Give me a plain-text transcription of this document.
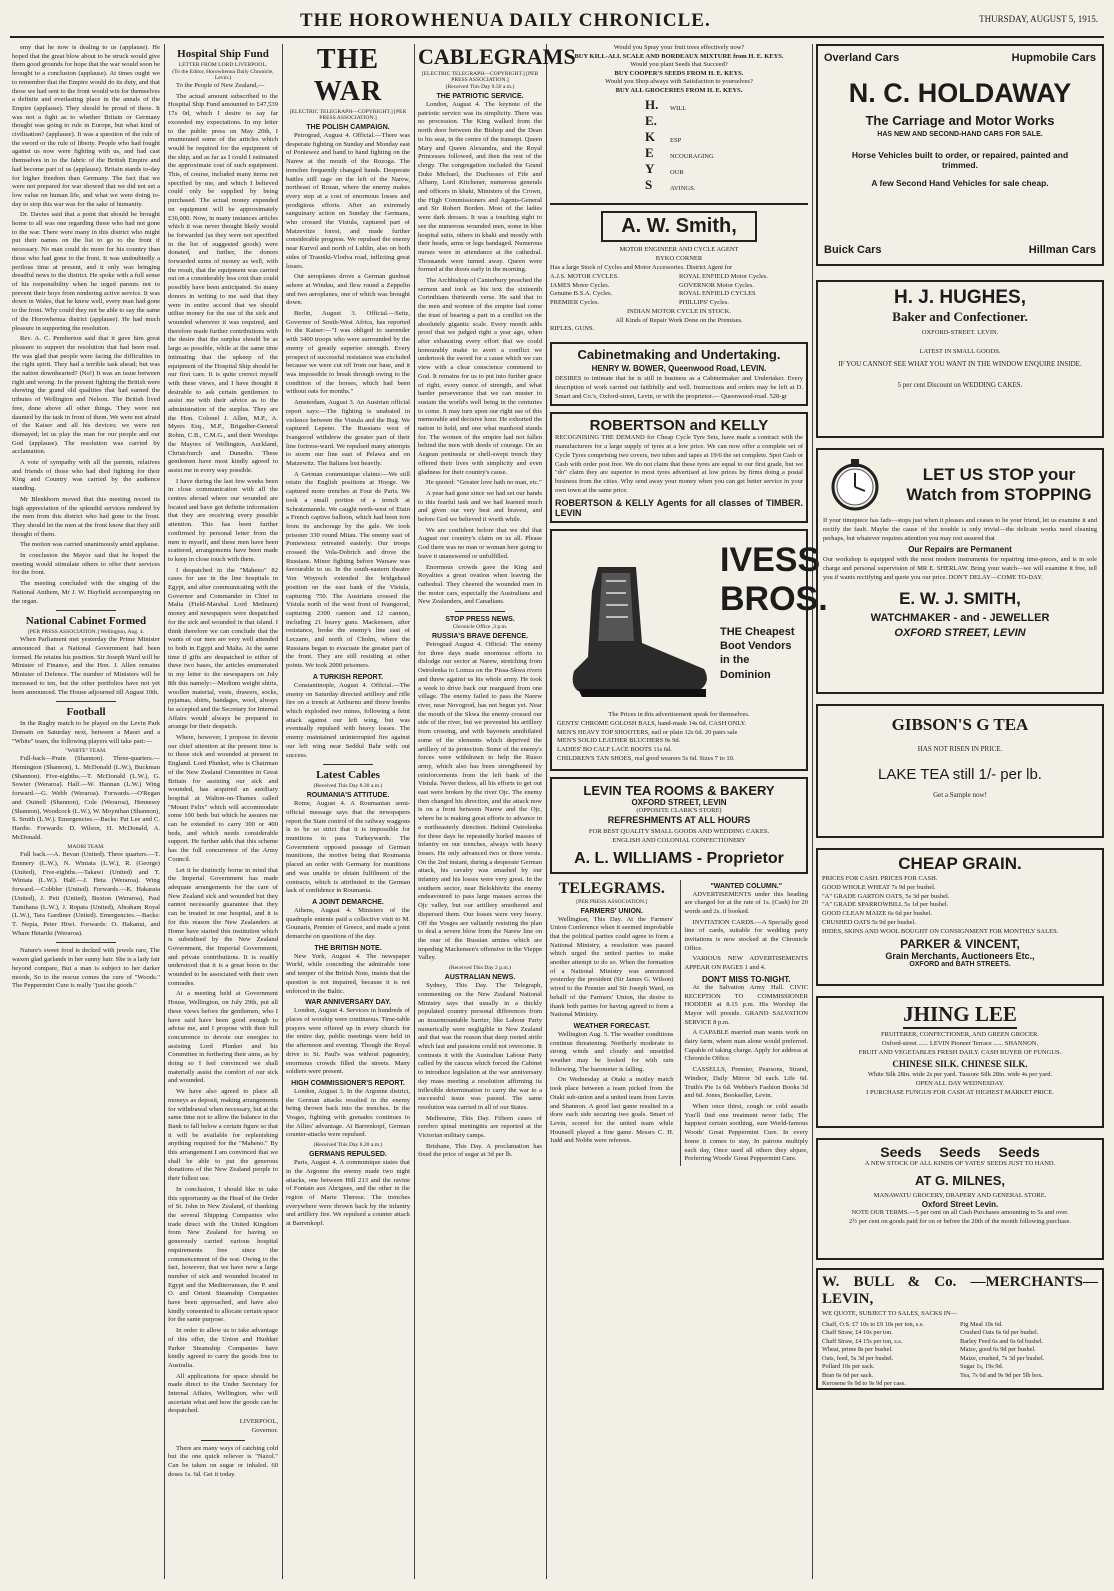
THE HOROWHENUA DAILY CHRONICLE.	THURSDAY, AUGUST 5, 1915.

emy that he now is dealing to us (applause). He hoped that the great blow about to be struck would give them good grounds for hope that the war would soon be brought to a conclusion (applause). At times ought we to remember that the Empire would do its duty, and that those we had sent to the front would win for themselves a definite and everlasting place in the annals of the Empire (applause). They should be proud of these. It was not a fight as to whether Britain or Germany thought was going to rule in Europe, but what kind of civilisation? (applause). It was a question of the rule of the sword or the rule of liberty. People who had fought against us now were fighting with us, and had cast themselves in to the fabric of the British Empire and had become part of us (applause). Britain stands to-day for higher freedom than Germany. The fact that we were not prepared for war showed that we did not set a low value on human life, and what we were doing to-day to stop this war was for the sake of humanity.

Dr. Davies said that a point that should be brought home to all was one regarding those who had not gone to the war. There were many in this district who might put their names on the list to go to the front if necessary. No man could do more for his country than those who had gone to the front. It was undoubtedly a perilous time at present, and it only was bringing dreadful news to the district. He spoke with a full sense of his responsibility when he urged parents not to prevent their boys from rendering active service. It was down in Wales, that he knew well, every man had gone to the front. Why could they not be able to say the same of the Horowhenua district (applause). He had much pleasure in supporting the resolution.

Rev. A. C. Pemberton said that it gave him great pleasure to support the resolution that had been read. He was glad that people were facing the difficulties in the right spirit. They had a terrible task ahead; but was the nation downhearted? (No!) It was an issue between right and wrong. In the present fighting the British were showing the grand old qualities that had earned the tributes of Wellington and Nelson. The British lived free, done above all other things. They were not daunted by the task in front of them. We were not afraid of the Kaiser and all his devices; we were not dismayed; let us play the man for our people and our God (applause). The resolution was carried by acclamation.

A vote of sympathy with all the parents, relatives and friends of those who had died fighting for their King and Country was carried by the audience standing.

Mr Blenkhorn moved that this meeting record its high appreciation of the splendid services rendered by the men from this district who had gone to the front. They should let the men at the front know that they still thought of them.

The motion was carried unanimously amid applause.

In conclusion the Mayor said that he hoped the meeting would stimulate others to offer their services for the front.

The meeting concluded with the singing of the National Anthem, Mr J. W. Hayfield accompanying on the organ.

National Cabinet Formed
[PER PRESS ASSOCIATION.] Wellington, Aug. 4.

When Parliament met yesterday the Prime Minister announced that a National Government had been formed. He retains his position. Sir Joseph Ward will be Minister of Finance, and the Hon. J. Allen remains Minister of Defence. The number of Ministers will be increased to ten, but the other portfolios have not yet been announced. The House adjourned till August 10th.

Football

In the Rugby match to be played on the Levin Park Domain on Saturday next, between a Maori and a "White" team, the following players will take part:—

"WHITE" TEAM.

Full-back—Prain (Shannon). Three-quarters.—Hemington (Shannon), L. McDonald (L.W.), Buckman (Shannon). Five-eighths.—T. McDonald (L.W.), G. Sowter (Weraroa). Half.—W. Hannan (L.W.) Wing forward.—G. Webb (Weraroa). Forwards.—O'Regan and Ouinell (Shannon), Cole (Weraroa), Hennessy (Shannon), Woodcock (L.W.), W. Moynihan (Shannon), S. Smith (L.W.). Emergencies.—Backs: Pat Lee and C. Hardie. Forwards: D. Wilson, H. McDonald, A. McDonald.

MAORI TEAM.

Full back.—A. Bevan (United). Three quarters.—T. Ennnery (L.W.), N. Winiata (L.W.), R. (George) (United), Five-eighths.—Takawi (United) and T. Winiata (L.W.). Half.—J. Heta (Weraroa). Wing forward.—Cobbler (United). Forwards.—K. Hakaraia (United), J. Peti (United), Buxton (Weraroa), Paul Tamihana (L.W.), J. Ropata (United), Abraham Royal (L.W.), Tara Gardiner (United). Emergencies.—Backs: T. Nepia, Peter Hiwi. Forwards: O. Hakanui, and Whare Hetariki (Weraroa).

Nature's sweet food is decked with jewels rare, The waxen glad garlands in her sunny hair. She is a lady fair beyond compare, But a man is subject to her darker moods, So to the rescue comes the cure of "Woods." The Peppermint Cure is really "just the goods."

Hospital Ship Fund
LETTER FROM LORD LIVERPOOL.
(To the Editor, Horowhenua Daily Chronicle, Levin.)

To the People of New Zealand,—

The actual amount subscribed to the Hospital Ship Fund amounted to £47,539 17s 0d, which I desire to say far exceeded my expectations. In my letter to the public press on May 20th, I enumerated some of the articles which would be required for the equipment of the ship; and as far as I could I estimated the approximate cost of such equipment. This, of course, included many items not specified by me, and which I believed could only be supplied by being purchased. The actual money expended on equipment will be approximately £36,000. Now, in many instances articles which it was never thought likely would be forwarded (as they were not specified in the list of suggested goods) were donated, and further, the donors forwarded sums of money as well, with the result, that the equipment was carried out on a considerably less cost than could possibly have been anticipated. So many donors in writing to me said that they were in entire accord that we should utilise money for the use of the sick and wounded wherever it was required, and therefore made further contributions with the desire that the surplus should be as large as possible, while at the same time intimating that the upkeep of the equipment of the Hospital Ship should be our first care. It is quite correct myself with these views, and I have thought it desirable to ask certain gentlemen to assist me with their advice as to the administration of the surplus. They are the Hon. Colonel J. Allen, M.P., A. Myers Esq., M.P., Brigadier-General Robin, C.B., C.M.G., and their Worships the Mayors of Wellington, Auckland, Christchurch and Dunedin. These gentlemen have most kindly agreed to assist me in every way possible.

I have during the last few weeks been in close communication with all the centres abroad where our wounded are located and have got definite information that they are receiving every possible attention. This has been further confirmed by personal letter from the men to myself, and these men have been scattered, arrangements have been made to keep in close touch with them.

I despatched in the "Maheno" 82 cases for use in the line hospitals in Egypt, and after communicating with the Governor and Commander in Chief in Malta (Field-Marshal Lord Methuen) money and newspapers were despatched for the sick and wounded in that island. I think therefore we can conclude that the wants of our men are very well attended to both in Egypt and Malta. At the same time if gifts are despatched to either of these two bases, the articles enumerated in my letter to the newspapers on July 8th this namely:—Medium weight shirts, woollen material, vests, drawers, socks, pyjamas, shirts, bandages, wool, always be accepted and the Secretary for Internal Affairs would always be prepared to arrange for their despatch.

Where, however, I propose to devote our chief attention at the present time is to those sick and wounded at present in England. Lord Plunket, who is Chairman of the New Zealand Committee in Great Britain for assisting our sick and wounded, has acquired an auxiliary hospital at Walton-on-Thames called "Mount Felix" which will accommodate some 100 beds but which he assures me can be extended to carry 300 or 400 beds, and which needs considerable support. He further adds that this scheme has the full concurrence of the Army Council.

Let it be distinctly borne in mind that the Imperial Government has made adequate arrangements for the care of New Zealand sick and wounded but they cannot necessarily guarantee that they can be treated in one hospital, and it is for this reason the New Zealanders at Home have started this institution which is subsidised by the New Zealand Government, the Imperial Government, and private contributions. It is readily understood that it is a great boon to the wounded to be associated with their own comrades.

At a meeting held at Government House, Wellington, on July 29th, put all these views before the gentlemen, who I have said have been good enough to advise me, and I propose with their full concurrence to devote our energies to assisting Lord Plunket and his Committee in furthering their aims, as by doing so I feel convinced we shall materially assist the comfort of our sick and wounded.

We have also agreed to place all moneys as deposit, making arrangements for withdrawal when necessary, but at the same time not to allow the balance in the Bank to fall below a certain figure so that it will be available for replenishing anything required for the "Maheno." By this arrangement I am convinced that we shall be able to put the generous donations of the New Zealand people to their fullest use.

In conclusion, I should like to take this opportunity as the Head of the Order of St. John in New Zealand, of thanking the several Shipping Companies who trade direct with the United Kingdom from New Zealand for having so generously carried various hospital requirements free since the commencement of the war. Owing to the fact, however, that we have now a large number of sick and wounded located in Egypt and the Mediterranean, the P. and O. and Orient Steamship Companies have been approached, and have also kindly consented to allocate certain space for the same purpose.

In order to allow us to take advantage of this offer, the Union and Huddart Parker Steamship Companies have kindly agreed to carry the goods free to Australia.

All applications for space should be made direct to the Under Secretary for Internal Affairs, Wellington, who will ascertain what and how the goods can be despatched.

LIVERPOOL,
Governor.

There are many ways of catching cold but the one quick reliever is "Nazol." Can be taken on sugar or inhaled. 60 doses 1s. 6d. Get it today.

THE WAR
[ELECTRIC TELEGRAPH—COPYRIGHT.] [PER PRESS ASSOCIATION.]
THE POLISH CAMPAIGN.

Petrograd, August 4. Official.—There was desperate fighting on Sunday and Monday east of Poniewez and hand to hand fighting on the Narew at the mouth of the Rozoga. The trenches frequently changed hands. Desperate battles still rage on the left of the Narew, northeast of Rozan, where the enemy makes every step at a cost of enormous losses and prodigious efforts. After an extremely sanguinary action on Sunday the Germans, who crossed the Vistula, captured part of Matzevitze forest, and made further considerable progress. We repulsed the enemy near Kurvol and north of Lublin, also on both sides of Trasniki-Vlodva road, inflicting great losses.

Our aeroplanes drove a German gunboat ashore at Windau, and flew round a Zeppelin and two aeroplanes, one of which was brought down.

Berlin, August 3. Official.—Seitz, Governor of South-West Africa, has reported to the Kaiser:—"I was obliged to surrender with 3400 troops who were surrounded by the enemy of greatly superior strength. Every prospect of successful resistance was excluded because we were cut off from our base, and it was impossible to break through owing to the condition of the horses, which had been without oats for months."

Amsterdam, August 3. An Austrian official report says:—The fighting is unabated in violence between the Vistula and the Bug. We captured Lepeno. The Russians west of Ivangorod withdrew the greater part of their line fortress-ward. We repulsed many attempts to storm our line east of Pelawa and on Matzewitz. The Italians lost heavily.

A German communique claims:—We still retain the English positions at Hooge. We captured more trenches at Four de Paris. We took a small portion of a trench at Schratzmannle. We caught north-west of Etain a French captive balloon, which had been torn from its anchorage by the gale. We took prisoner 330 round Mitau. The enemy east of Poniewiesz retreated easterly. Our troops crossed the Vola-Dobrich and drove the Russians. Minor fighting before Warsaw was favourable to us. In the south-eastern theatre Von Woyrsch extended the bridgehead position on the east bank of the Vistula, capturing 750. The Austrians crossed the Vistula north of the west front of Ivangorod, capturing 2300 cannon and 12 cannon, including 21 heavy guns. Mackensen, after resistance, broke the enemy's line east of Leczano, and north of Cholm, where the Russians began to evacuate the greater part of the front. They are still resisting at other points. We took 2000 prisoners.

A TURKISH REPORT.

Constantinople, August 4. Official.—The enemy on Saturday directed artillery and rifle fire on a trench at Ariburnu and threw bombs which exploded two mines, following a feint attack against our left wing, but was eventually repulsed with heavy losses. The enemy maintained uninterrupted fire against our left wing near Seddul Bahr with out success.

Latest Cables
(Received This Day 8.30 a.m.)
ROUMANIA'S ATTITUDE.

Rome, August 4. A Roumanian semi-official message says that the newspapers report the State control of the railway waggons is to be so strict that it is impossible for munitions to pass Turkeywards. The Government opposed passage of German munitions, the motive being that Roumania placed an order with Germany for munitions and was unable to obtain fulfilment of the contracts, which is attributed to the German lack of confidence in Roumania.

A JOINT DEMARCHE.

Athens, August 4. Ministers of the quadruple entente paid a collective visit to M. Gounaris, Premier of Greece, and made a joint demarche on questions of the day.

THE BRITISH NOTE.

New York, August 4. The newspaper World, while conceding the admirable tone and temper of the British Note, insists that the question is not impaired, because it is not enforced in the Baltic.

WAR ANNIVERSARY DAY.

London, August 4. Services in hundreds of places of worship were continuous. Time-table prayers were offered up in every church for the entire day, public meetings were held in the afternoon and evening. Though the Royal drive to St. Paul's was without pageantry, enormous crowds filled the streets. Many soldiers were present.

HIGH COMMISSIONER'S REPORT.

London, August 3. In the Argonne district, the German attacks resulted in the enemy being thrown back into the trenches. In the Vosges, fighting with grenades continues to the Allies' advantage. At Barrenkopf, German counter-attacks were repulsed.

(Received This Day 8.20 a.m.)
GERMANS REPULSED.

Paris, August 4. A communique states that in the Argonne the enemy made two night attacks, one between Hill 213 and the ravine of Fontain aux Abrignes, and the other in the region of Marie Therese. The trenches everywhere were thrown back by the infantry and artillery fire. We repulsed a counter attack at Barrenkopf.

CABLEGRAMS
[ELECTRIC TELEGRAPH—COPYRIGHT.] [PER PRESS ASSOCIATION.]
(Received This Day 9.50 a.m.)
THE PATRIOTIC SERVICE.

London, August 4. The keynote of the patriotic service was its simplicity. There was no procession. The King walked from the north door between the Bishop and the Dean to his seat, in the centre of the transept. Queen Mary and Queen Alexandra, and the Royal Princesses followed, and then the rest of the clergy. The congregation included the Grand Duke Michael, the Duchesses of Fife and Albany, Lord Kitchener, numerous generals and officers in khaki, Ministers of the Crown, the High Commissioners and Agents-General and Sir Robert Borden. Most of the ladies were dark dresses. It was a touching sight to see the numerous wounded men, some in blue hospital suits, others in khaki and mostly with their heads, arms or legs bandaged. Numerous nurses were in attendance at the cathedral. Thousands were turned away. Queen were formed at the doors early in the morning.

The Archbishop of Canterbury preached the sermon and took as his text the sixteenth Corinthians thirteenth verse. He said that to the men and women of the empire had come the trust of bearing a part in a conflict on the absolutely gigantic scale. Every month adds proof that we judged right a year ago, when after exhausting every effort that we could honourably make to avert a conflict we undertook the sword for a cause which we can view with a clear conscience commend to God. It remains for us to put into further grace of right, every ounce of strength, and what harder perseverance that we can muster to sustain the world's well being in the centuries to come. It may turn upon our right use of this memorable and decisive hour. He exhorted the nation to hold, and one what manhood stands for. The women of the empire had not fallen behind the men with deeds of courage. On an Aegean peninsula or shell-swept trench they offered their lives with simplicity and even gladness for their country's cause.

He quoted: "Greater love hath no man, etc."

A year had gone since we had set our hands to this fearful task and we had learned much and given our very best and bravest, and before God we believed it worth while.

We are confident before that we did that August our country's claim on us all. Please God there was no man or woman here going to leave it unanswered or unfulfilled.

Enormous crowds gave the King and Royalties a great ovation when leaving the cathedral. They cheered the wounded men in the motor cars, especially the Australians and New Zealanders, and Canadians.

STOP PRESS NEWS.
Chronicle Office ,3 p.m.
RUSSIA'S BRAVE DEFENCE.

Petrograd August 4. Official: The enemy for three days made enormous efforts to dislodge our sector at Narew, stretching from Ostrolenka to Lomza on the Pissa-Skwa rivers and threw against us his whole army. He took a week to drive back our rearguard from one village. The enemy failed to pass the Narew river, near Novogrod, has not begun yet. Near the mouth of the Skwa the enemy crossed our side of the river, but we prevented his artillery from crossing, and with bayonets annihilated some of the elements which deprived the artillery of its protection. Some of the enemy's forces were withdrawn to help the Russo army, which also has been strengthened by reinforcements from the left bank of the Vistula. Never theless, all his efforts to get out east were broken by the river Ojc. The enemy then changed his direction, and the attack now is on a front between Narew and the Ojc, where he is making great efforts to advance in a northeasterly direction. Behind Ostrolenka for three days he repeatedly hurled masses of infantry on our trenches, always with heavy losses. He only advanced two or three versts. On the 2nd instant, during a desperate German attack, his cavalry was smashed by our infantry and his losses were very great. In the southern sector, near Belokhivitz the enemy endeavoured to pass large masses across the Ojc valley, but our artillery smothered and dispersed them. Our losses were very heavy. Off the Vosges are valiantly resisting the plan to deal a severe blow from the Narew line on the rear of the Russian armies which are impeding Mackensen's offensive in the Vieppe Valley.

(Received This Day 2 p.m.)
AUSTRALIAN NEWS.

Sydney, This Day. The Telegraph, commenting on the New Zealand National Ministry says that usually in a thickly populated country personal differences from an insurmountable barrier, like Labour Party numerically were negligible in New Zealand and that was the reason that deep rooted strife which last and passions could not overcome. It contrasts it with the Australian Labour Party called by the caucus which forced the Cabinet to introduce legislation at the war anniversary day mass meeting a resolution affirming its inflexible determination to carry the war to a successful issue was passed. The same resolution was carried in all of our States.

Melbourne, This Day. Fifteen cases of cerebro spinal meningitis are reported at the Victorian military camps.

Brisbane, This Day. A proclamation has fixed the price of sugar at 3d per lb.

Would you Spray your fruit trees effectively now?
BUY KILL-ALL SCALE AND BORDEAUX MIXTURE from H. E. KEYS.
Would you plant Seeds that Succeed?
BUY COOPER'S SEEDS FROM H. E. KEYS.
Would you Shop always with Satisfaction to yourselves?
BUY ALL GROCERIES FROM H. E. KEYS.
H.
E.
K
E
Y
S
WILL
ESP
NCOURAGING
OUR
AVINGS.
A. W. Smith,
MOTOR ENGINEER AND CYCLE AGENT
BYKO CORNER
Has a large Stock of Cycles and Motor Accessories. District Agent for
A.J.S. MOTOR CYCLES.	ROYAL ENFIELD Motor Cycles.
JAMES Motor Cycles.	GOVERNOR Motor Cycles.
Genuine B.S.A. Cycles.	ROYAL ENFIELD CYCLES
PREMIER Cycles.	PHILLIPS' Cycles.
INDIAN MOTOR CYCLE IN STOCK.
All Kinds of Repair Work Done on the Premises.
RIFLES. GUNS.
Cabinetmaking and Undertaking.
HENRY W. BOWER, Queenwood Road, LEVIN.
DESIRES to intimate that he is still in business as a Cabinetmaker and Undertaker. Every description of work carried out faithfully and well. Instructions and orders may be left at D. Smart and Co.'s, Oxford-street, Levin, or with the proprietor.— Queenwood-road. 528-gr
ROBERTSON and KELLY
RECOGNISING THE DEMAND for Cheap Cycle Tyre Sets, have made a contract with the manufacturers for a large supply of tyres at a low price. We can now offer a complete set of Cycle Tyres comprising two covers, two tubes and tapes at 19/6 the set complete. Spot Cash or Cash with order post free. We do not claim that these tyres are equal to our first grade, but we "do" claim they are superior to most tyres advertised at low prices by firms doing a postal business from the cities. Why send away your money when you can get better service in your own town at the same price.
ROBERTSON & KELLY Agents for all classes of TIMBER. LEVIN
IVESS
BROS.
THE Cheapest Boot Vendors in the Dominion
The Prices in this advertisement speak for themselves.
GENTS' CHROME GOLOSH BALS, hand-made 14s 6d. CASH ONLY.
MEN'S HEAVY TOP SHOOTERS, nail or plain 12s 6d. 20 pairs sale
MEN'S SOLID LEATHER BLUCHERS 9s 9d.
LADIES' BO CALF LACE BOOTS 11s 6d.
CHILDREN'S TAN SHOES, real good wearers 5s 6d. Sizes 7 to 10.
LEVIN TEA ROOMS & BAKERY
OXFORD STREET, LEVIN
(OPPOSITE CLARK'S STORE)
REFRESHMENTS AT ALL HOURS
FOR BEST QUALITY SMALL GOODS AND WEDDING CAKES. ENGLISH AND COLONIAL CONFECTIONERY
A. L. WILLIAMS - Proprietor
TELEGRAMS.
[PER PRESS ASSOCIATION.]
FARMERS' UNION.

Wellington, This Day. At the Farmers' Union Conference when it seemed improbable that the political parties could agree to form a National Ministry, a resolution was passed which urged the united parties to make another attempt to do so. When the formation of a National Ministry was announced yesterday the president (Sir James G. Wilson) wired to the Premier and Sir Joseph Ward, on behalf of the Farmers' Union, the desire to thank both parties for having agreed to form a National Ministry.

WEATHER FORECAST.

Wellington Aug. 5. The weather conditions continue threatening. Northerly moderate to strong winds and cloudy and unsettled weather may be looked for with rain following. The barometer is falling.

On Wednesday at Otaki a motley match took place between a team picked from the Otaki sub-union and a united team from Levin and Shannon. A good last game resulted in a draw each side securing two goals. Smart of Levin, scored for the united team while Hounsell played a fine game. Messrs C. H. Judd and Nobbs were referees.

"WANTED COLUMN."

ADVERTISEMENTS under this heading are charged for at the rate of 1s. (Cash) for 20 words and 2s. if booked.

INVITATION CARDS.—A Specially good line of cards, suitable for wedding party invitations is now stocked at the Chronicle Office.

VARIOUS NEW ADVERTISEMENTS APPEAR ON PAGES 1 and 4.

DON'T MISS TO-NIGHT.

At the Salvation Army Hall. CIVIC RECEPTION TO COMMISSIONER HODDER at 8.15 p.m. His Worship the Mayor will preside. GRAND SALVATION SERVICE 8 p.m.

A CAPABLE married man wants work on dairy farm, where man alone would preferred. Capable of taking charge. Apply for address at Chronicle Office.

CASSELLS, Premier, Pearsons, Strand, Windsor, Daily Mirror 3d each. Life 6d. Truth's Pie 1s 6d. Webber's Fashion Books 3d and 6d. Jones, Bookseller, Levin.

When once thirst, cough or cold assails You'll find one treatment never fails; The happiest certain soothing, sure World-famous Woods' Great Peppermint Cure. In every home it comes to stay, In patrons multiply each day, Once used all others they abjure, Preferring Woods' Great Peppermint Cure.

Overland Cars	Hupmobile Cars
N. C. HOLDAWAY
The Carriage and Motor Works
HAS NEW AND SECOND-HAND CARS FOR SALE.
Horse Vehicles built to order, or repaired, painted and trimmed.
A few Second Hand Vehicles for sale cheap.
Buick Cars	Hillman Cars
H. J. HUGHES,
Baker and Confectioner.
OXFORD-STREET. LEVIN.
LATEST IN SMALL GOODS.
IF YOU CANNOT SEE WHAT YOU WANT IN THE WINDOW ENQUIRE INSIDE.
5 per cent Discount on WEDDING CAKES.
LET US STOP your Watch from STOPPING
If your timepiece has fads—stops just when it pleases and ceases to be your friend, let us examine it and rectify the fault. Maybe the cause of the trouble is only trivial—the delicate works need cleaning perhaps, but whatever requires attention you may rest assured that
Our Repairs are Permanent
Our workshop is equipped with the most modern instruments for repairing time-pieces, and is in sole charge and personal supervision of MR E. SHERLAW. Bring your watch—we will examine it free, tell you if wants rectifying and quote you our price. DON'T DELAY—COME TO-DAY.
E. W. J. SMITH,
WATCHMAKER - and - JEWELLER
OXFORD STREET, LEVIN
GIBSON'S G TEA
HAS NOT RISEN IN PRICE.
LAKE TEA still 1/- per lb.
Get a Sample now!
CHEAP GRAIN.
PRICES FOR CASH. PRICES FOR CASH.
GOOD WHOLE WHEAT 7s 9d per bushel.
"A" GRADE GARTON OATS, 5s 3d per bushel.
"A" GRADE SPARROWBILL 5s 1d per bushel.
GOOD CLEAN MAIZE 6s 6d per bushel.
CRUSHED OATS 5s 9d per bushel.
HIDES, SKINS AND WOOL BOUGHT ON CONSIGNMENT FOR MONTHLY SALES.
PARKER & VINCENT,
Grain Merchants, Auctioneers Etc.,
OXFORD and BATH STREETS.
JHING LEE
FRUITERER, CONFECTIONER, AND GREEN GROCER.
Oxford-street ...... LEVIN Pioneer Terrace ...... SHANNON.
FRUIT AND VEGETABLES FRESH DAILY. CASH BUYER OF FUNGUS.
CHINESE SILK. CHINESE SILK.
White Silk 28in. wide 2s per yard. Tussore Silk 28in. wide 4s per yard.
OPEN ALL DAY WEDNESDAY.
I PURCHASE FUNGUS FOR CASH AT HIGHEST MARKET PRICE.
Seeds Seeds Seeds
A NEW STOCK OF ALL KINDS OF YATES' SEEDS JUST TO HAND.
AT G. MILNES,
MANAWATU GROCERY, DRAPERY AND GENERAL STORE.
Oxford Street Levin.
NOTE OUR TERMS.—5 per cent on all Cash Purchases amounting to 5s and over.
2½ per cent on goods paid for on or before the 20th of the month following purchase.
W. BULL & Co. —MERCHANTS— LEVIN,
WE QUOTE, SUBJECT TO SALES, SACKS IN—
Chaff, O.S. £7 10s to £9 10s per ton, s.s.	Pig Meal 10s 6d.
Chaff Straw, £4 10s per ton.	Crushed Oats 6s 6d per bushel.
Chaff Straw, £4 15s per ton, s.s.	Barley Feed 6s and 6s 6d bushel.
Wheat, prime 8s per bushel.	Maize, good 6s 9d per bushel.
Oats, feed, 5s 3d per bushel.	Maize, crushed, 7s 3d per bushel.
Pollard 10s per sack.	Sugar 1s, 19s 9d.
Bran 6s 6d per sack.	Tea, 7s 6d and 9s 9d per 5lb box.
Kerosene 9s 9d to 9s 9d per case.
